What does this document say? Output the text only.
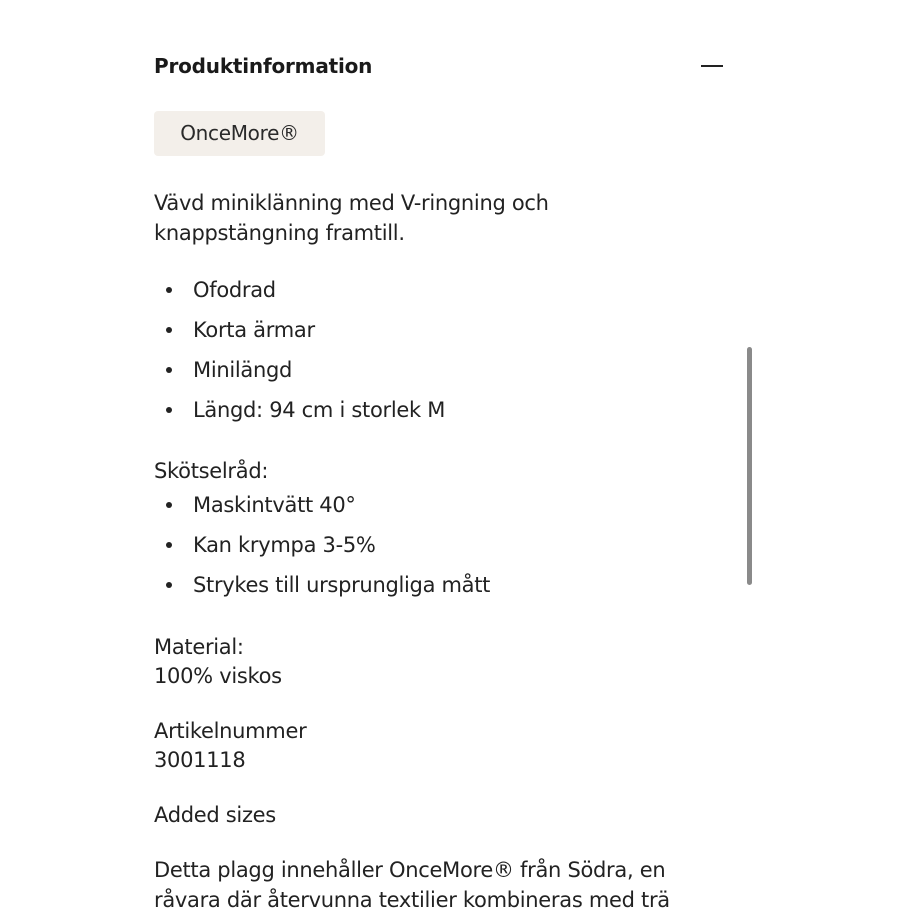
Produktinformation
OnceMore®
Vävd miniklänning med V-ringning och
knappstängning framtill.
Ofodrad
Korta ärmar
Minilängd
Längd: 94 cm i storlek M
Skötselråd:
Maskintvätt 40°
Kan krympa 3-5%
Strykes till ursprungliga mått
Material:
100% viskos
Artikelnummer
3001118
Added sizes
Detta plagg innehåller OnceMore® från Södra, en
råvara där återvunna textilier kombineras med trä
